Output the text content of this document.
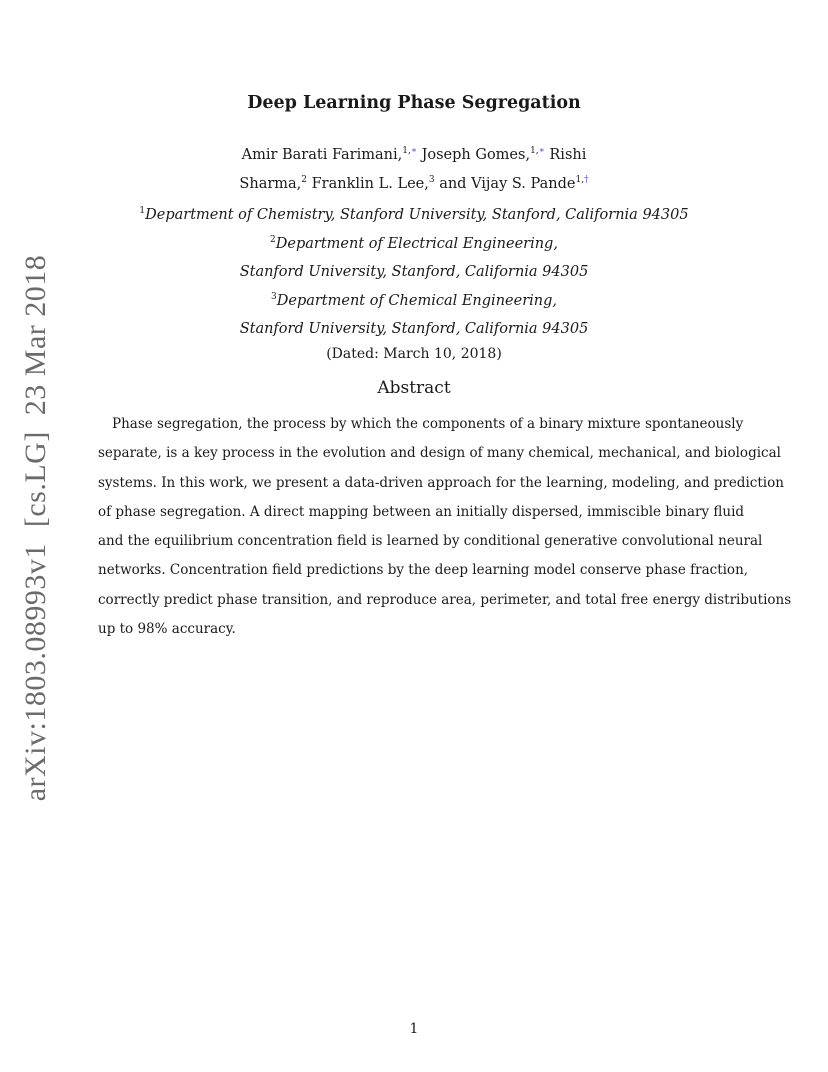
arXiv:1803.08993v1[cs.LG]23 Mar 2018
Deep Learning Phase Segregation
Amir Barati Farimani,$^{1,∗}$ Joseph Gomes,$^{1,∗}$ Rishi
Sharma,$^2$ Franklin L. Lee,$^3$ and Vijay S. Pande$^{1,\dagger}$
$^1$Department of Chemistry, Stanford University, Stanford, California 94305
$^2$Department of Electrical Engineering,
Stanford University, Stanford, California 94305
$^3$Department of Chemical Engineering,
Stanford University, Stanford, California 94305
(Dated: March 10, 2018)
Abstract
Phase segregation, the process by which the components of a binary mixture spontaneously
separate, is a key process in the evolution and design of many chemical, mechanical, and biological
systems. In this work, we present a data-driven approach for the learning, modeling, and prediction
of phase segregation. A direct mapping between an initially dispersed, immiscible binary fluid
and the equilibrium concentration field is learned by conditional generative convolutional neural
networks. Concentration field predictions by the deep learning model conserve phase fraction,
correctly predict phase transition, and reproduce area, perimeter, and total free energy distributions
up to 98% accuracy.
1
